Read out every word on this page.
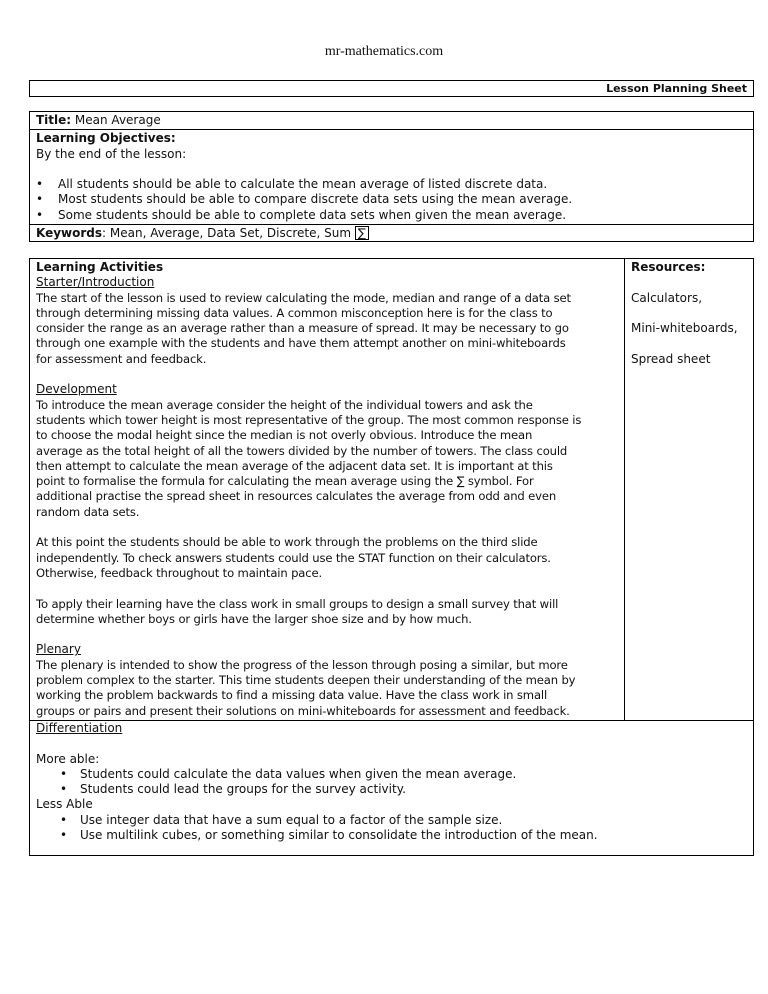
mr-mathematics.com
Lesson Planning Sheet
Title: Mean Average
Learning Objectives:
By the end of the lesson:

• All students should be able to calculate the mean average of listed discrete data.
• Most students should be able to compare discrete data sets using the mean average.
• Some students should be able to complete data sets when given the mean average.
Keywords: Mean, Average, Data Set, Discrete, Sum ∑
Learning Activities
Starter/Introduction
The start of the lesson is used to review calculating the mode, median and range of a data set
through determining missing data values. A common misconception here is for the class to
consider the range as an average rather than a measure of spread. It may be necessary to go
through one example with the students and have them attempt another on mini-whiteboards
for assessment and feedback.
Development
To introduce the mean average consider the height of the individual towers and ask the
students which tower height is most representative of the group. The most common response is
to choose the modal height since the median is not overly obvious. Introduce the mean
average as the total height of all the towers divided by the number of towers. The class could
then attempt to calculate the mean average of the adjacent data set. It is important at this
point to formalise the formula for calculating the mean average using the ∑ symbol. For
additional practise the spread sheet in resources calculates the average from odd and even
random data sets.
At this point the students should be able to work through the problems on the third slide
independently. To check answers students could use the STAT function on their calculators.
Otherwise, feedback throughout to maintain pace.
To apply their learning have the class work in small groups to design a small survey that will
determine whether boys or girls have the larger shoe size and by how much.
Plenary
The plenary is intended to show the progress of the lesson through posing a similar, but more
problem complex to the starter. This time students deepen their understanding of the mean by
working the problem backwards to find a missing data value. Have the class work in small
groups or pairs and present their solutions on mini-whiteboards for assessment and feedback.
Resources:

Calculators,

Mini-whiteboards,

Spread sheet
Differentiation

More able:
• Students could calculate the data values when given the mean average.
• Students could lead the groups for the survey activity.
Less Able
• Use integer data that have a sum equal to a factor of the sample size.
• Use multilink cubes, or something similar to consolidate the introduction of the mean.
